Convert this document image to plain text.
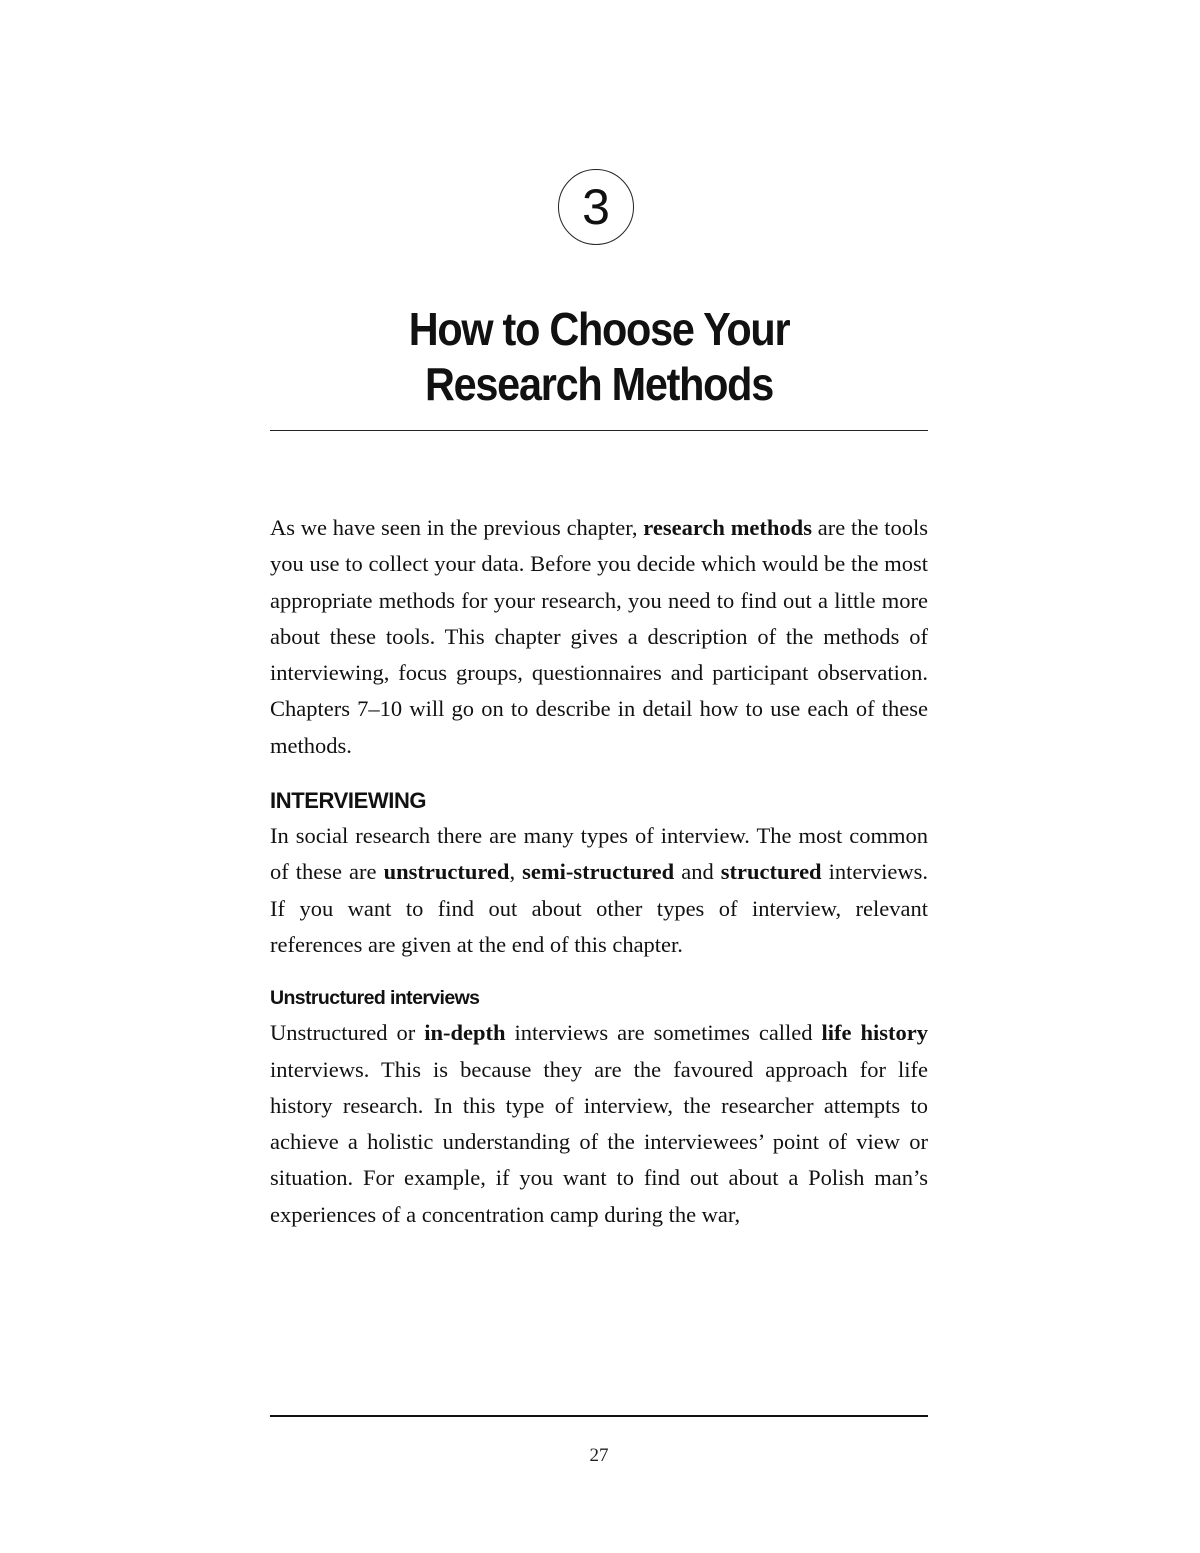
3
How to Choose Your
Research Methods

As we have seen in the previous chapter, research methods are the tools you use to collect your data. Before you decide which would be the most appropriate methods for your research, you need to find out a little more about these tools. This chapter gives a description of the methods of interviewing, focus groups, questionnaires and participant observation. Chapters 7–10 will go on to describe in detail how to use each of these methods.

INTERVIEWING

In social research there are many types of interview. The most common of these are unstructured, semi-structured and structured interviews. If you want to find out about other types of interview, relevant references are given at the end of this chapter.

Unstructured interviews

Unstructured or in-depth interviews are sometimes called life history interviews. This is because they are the favoured approach for life history research. In this type of interview, the researcher attempts to achieve a holistic understanding of the interviewees’ point of view or situation. For example, if you want to find out about a Polish man’s experiences of a concentration camp during the war,

27
